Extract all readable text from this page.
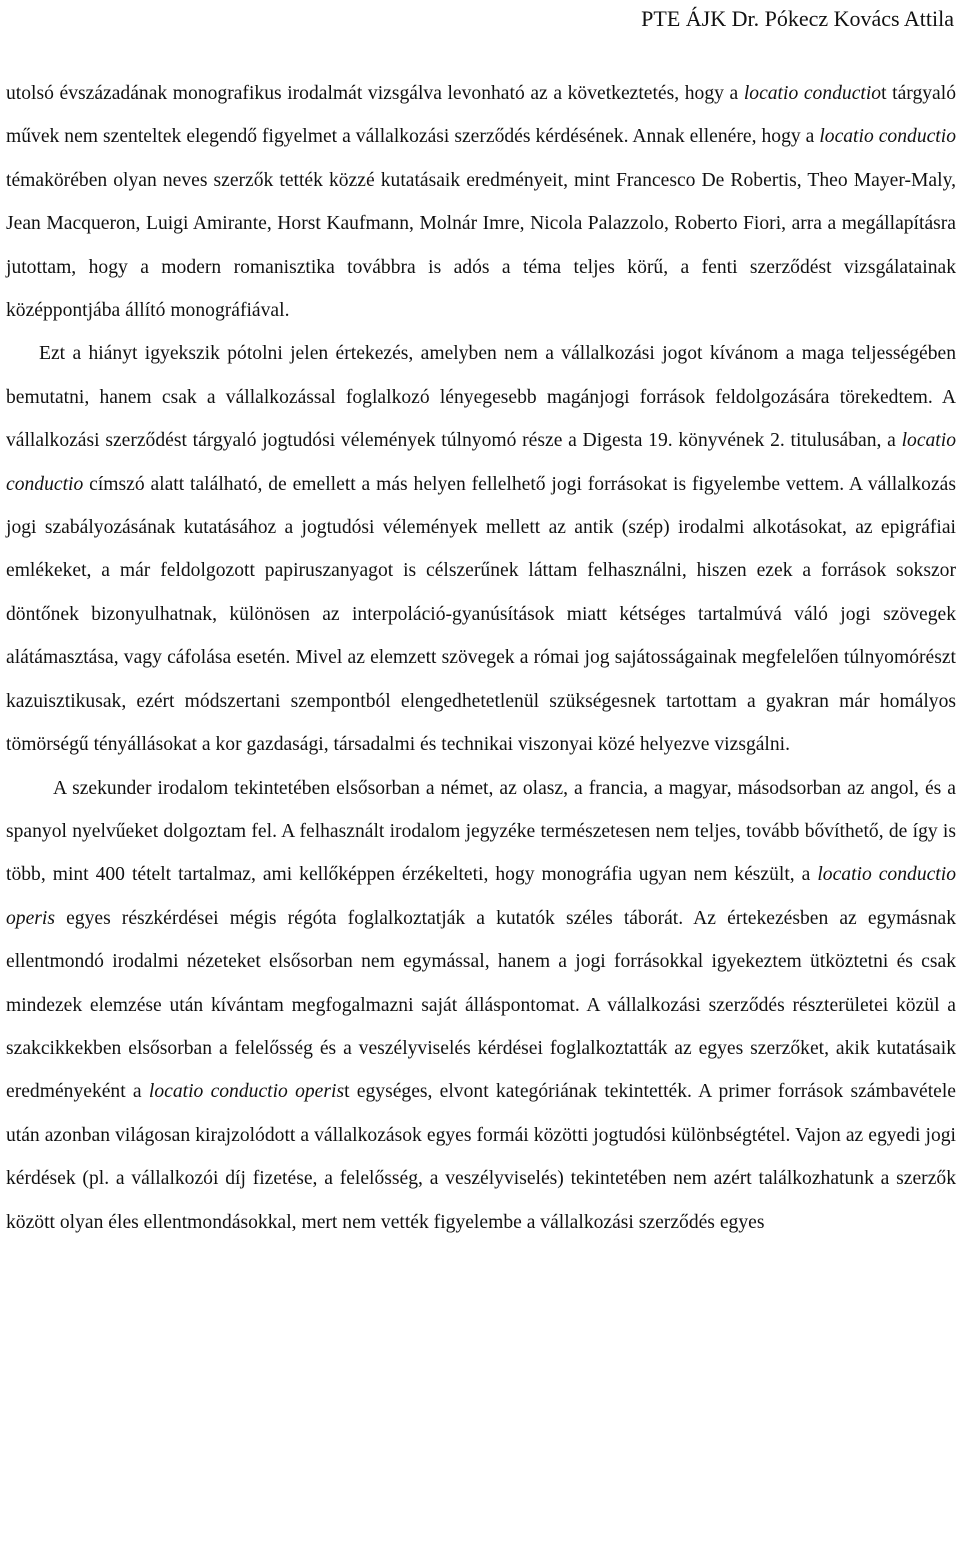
PTE ÁJK Dr. Pókecz Kovács Attila

utolsó évszázadának monografikus irodalmát vizsgálva levonható az a következtetés, hogy a locatio conductiot tárgyaló művek nem szenteltek elegendő figyelmet a vállalkozási szerződés kérdésének. Annak ellenére, hogy a locatio conductio témakörében olyan neves szerzők tették közzé kutatásaik eredményeit, mint Francesco De Robertis, Theo Mayer-Maly, Jean Macqueron, Luigi Amirante, Horst Kaufmann, Molnár Imre, Nicola Palazzolo, Roberto Fiori, arra a megállapításra jutottam, hogy a modern romanisztika továbbra is adós a téma teljes körű, a fenti szerződést vizsgálatainak középpontjába állító monográfiával.

Ezt a hiányt igyekszik pótolni jelen értekezés, amelyben nem a vállalkozási jogot kívánom a maga teljességében bemutatni, hanem csak a vállalkozással foglalkozó lényegesebb magánjogi források feldolgozására törekedtem. A vállalkozási szerződést tárgyaló jogtudósi vélemények túlnyomó része a Digesta 19. könyvének 2. titulusában, a locatio conductio címszó alatt található, de emellett a más helyen fellelhető jogi forrásokat is figyelembe vettem. A vállalkozás jogi szabályozásának kutatásához a jogtudósi vélemények mellett az antik (szép) irodalmi alkotásokat, az epigráfiai emlékeket, a már feldolgozott papiruszanyagot is célszerűnek láttam felhasználni, hiszen ezek a források sokszor döntőnek bizonyulhatnak, különösen az interpoláció-gyanúsítások miatt kétséges tartalmúvá váló jogi szövegek alátámasztása, vagy cáfolása esetén. Mivel az elemzett szövegek a római jog sajátosságainak megfelelően túlnyomórészt kazuisztikusak, ezért módszertani szempontból elengedhetetlenül szükségesnek tartottam a gyakran már homályos tömörségű tényállásokat a kor gazdasági, társadalmi és technikai viszonyai közé helyezve vizsgálni.

A szekunder irodalom tekintetében elsősorban a német, az olasz, a francia, a magyar, másodsorban az angol, és a spanyol nyelvűeket dolgoztam fel. A felhasznált irodalom jegyzéke természetesen nem teljes, tovább bővíthető, de így is több, mint 400 tételt tartalmaz, ami kellőképpen érzékelteti, hogy monográfia ugyan nem készült, a locatio conductio operis egyes részkérdései mégis régóta foglalkoztatják a kutatók széles táborát. Az értekezésben az egymásnak ellentmondó irodalmi nézeteket elsősorban nem egymással, hanem a jogi forrásokkal igyekeztem ütköztetni és csak mindezek elemzése után kívántam megfogalmazni saját álláspontomat. A vállalkozási szerződés részterületei közül a szakcikkekben elsősorban a felelősség és a veszélyviselés kérdései foglalkoztatták az egyes szerzőket, akik kutatásaik eredményeként a locatio conductio operist egységes, elvont kategóriának tekintették. A primer források számbavétele után azonban világosan kirajzolódott a vállalkozások egyes formái közötti jogtudósi különbségtétel. Vajon az egyedi jogi kérdések (pl. a vállalkozói díj fizetése, a felelősség, a veszélyviselés) tekintetében nem azért találkozhatunk a szerzők között olyan éles ellentmondásokkal, mert nem vették figyelembe a vállalkozási szerződés egyes
